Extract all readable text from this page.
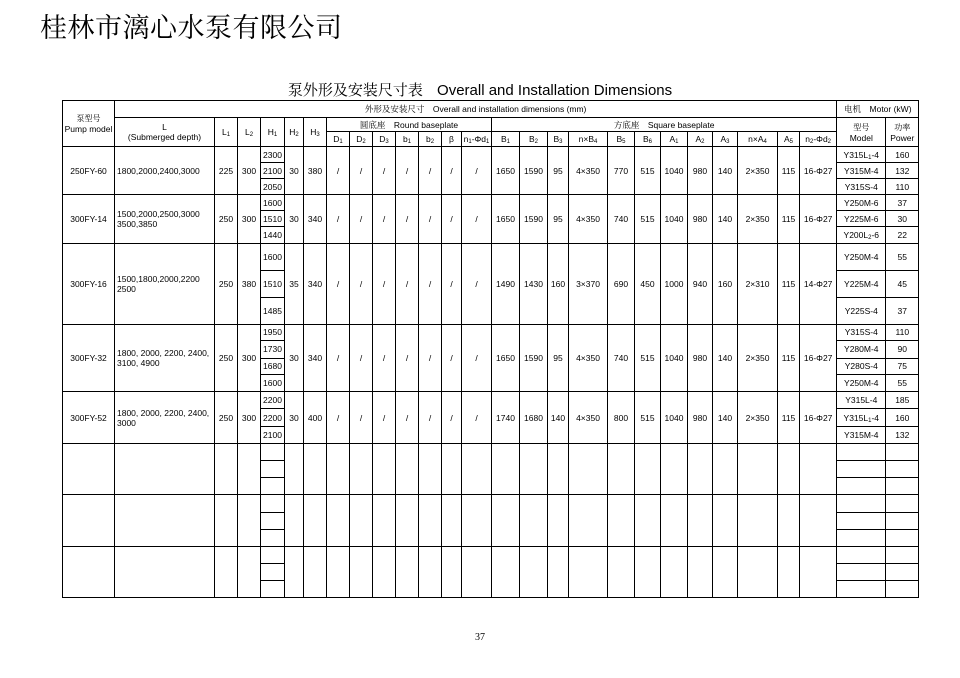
桂林市漓心水泵有限公司
泵外形及安装尺寸表 Overall and Installation Dimensions
泵型号
Pump model	外形及安装尺寸　Overall and installation dimensions (mm)																									电机　Motor (kW)	
	L
(Submerged depth)	$L_1$	$L_2$	$H_1$	$H_2$	$H_3$	圆底座　Round baseplate							方底座　Square baseplate												型号
Model	功率
Power
							$D_1$	$D_2$	$D_3$	$b_1$	$b_2$	β	$n_1-\Phi d_1$	$B_1$	$B_2$	$B_3$	$n\times B_4$	$B_5$	$B_6$	$A_1$	$A_2$	$A_3$	$n\times A_4$	$A_5$	$n_2-\Phi d_2$
250FY-60	1800,2000,2400,3000	225	300	2300	30	380	/	/	/	/	/	/	/	1650	1590	95	4×350	770	515	1040	980	140	2×350	115	16-Φ27	$Y315L_1-4$	160
				2100																						Y315M-4	132
				2050																						Y315S-4	110
300FY-14	1500,2000,2500,3000 3500,3850	250	300	1600	30	340	/	/	/	/	/	/	/	1650	1590	95	4×350	740	515	1040	980	140	2×350	115	16-Φ27	Y250M-6	37
				1510																						Y225M-6	30
				1440																						$Y200L_2-6$	22
300FY-16	1500,1800,2000,2200 2500	250	380	1600	35	340	/	/	/	/	/	/	/	1490	1430	160	3×370	690	450	1000	940	160	2×310	115	14-Φ27	Y250M-4	55
				1510																						Y225M-4	45
				1485																						Y225S-4	37
300FY-32	1800, 2000, 2200, 2400, 3100, 4900	250	300	1950	30	340	/	/	/	/	/	/	/	1650	1590	95	4×350	740	515	1040	980	140	2×350	115	16-Φ27	Y315S-4	110
				1730																						Y280M-4	90
				1680																						Y280S-4	75
				1600																						Y250M-4	55
300FY-52	1800, 2000, 2200, 2400, 3000	250	300	2200	30	400	/	/	/	/	/	/	/	1740	1680	140	4×350	800	515	1040	980	140	2×350	115	16-Φ27	Y315L-4	185
				2200																						$Y315L_1-4$	160
				2100																						Y315M-4	132

37
